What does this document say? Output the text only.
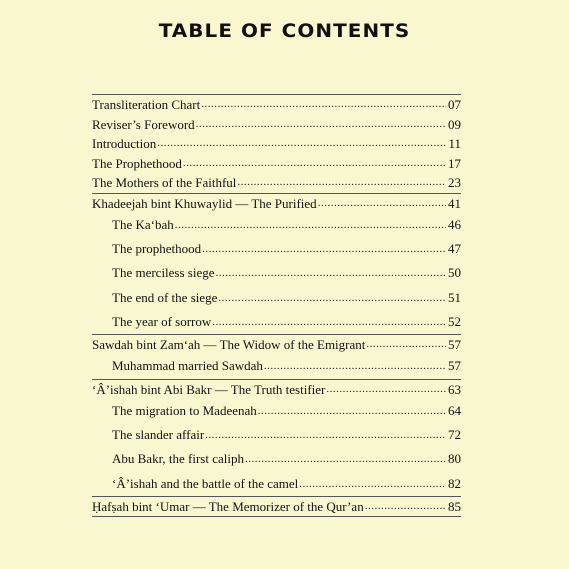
TABLE OF CONTENTS
Transliteration Chart .....	07
Reviser’s Foreword .....	09
Introduction .....	11
The Prophethood .....	17
The Mothers of the Faithful .....	23
Khadeejah bint Khuwaylid — The Purified .....	41
The Ka‘bah .....	46
The prophethood .....	47
The merciless siege .....	50
The end of the siege .....	51
The year of sorrow .....	52
Sawdah bint Zam‘ah — The Widow of the Emigrant .....	57
Muhammad married Sawdah .....	57
‘Â’ishah bint Abi Bakr — The Truth testifier .....	63
The migration to Madeenah .....	64
The slander affair .....	72
Abu Bakr, the first caliph .....	80
‘Â’ishah and the battle of the camel .....	82
Ḥafṣah bint ‘Umar — The Memorizer of the Qur’an .....	85
